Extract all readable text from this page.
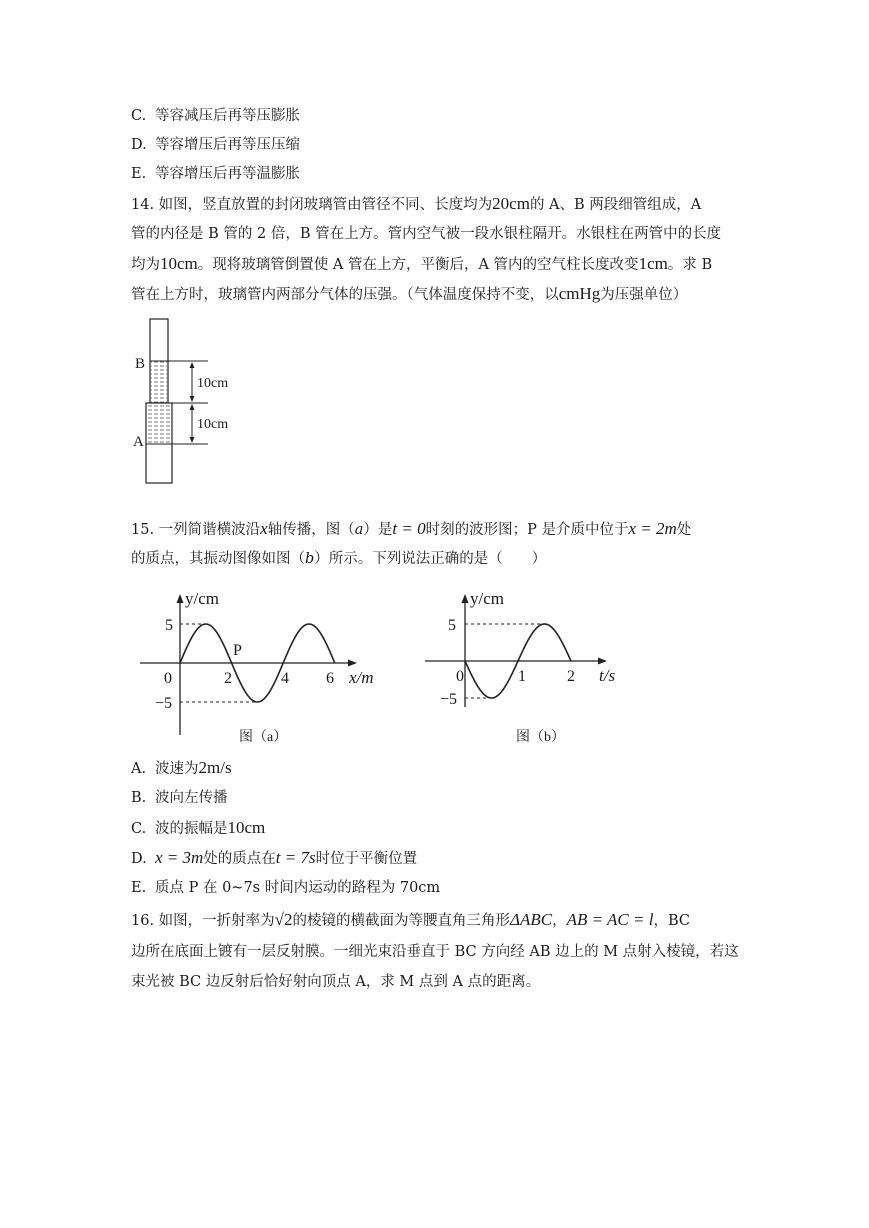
C. 等容减压后再等压膨胀
D. 等容增压后再等压压缩
E. 等容增压后再等温膨胀
14. 如图，竖直放置的封闭玻璃管由管径不同、长度均为20cm的 A、B 两段细管组成，A
管的内径是 B 管的 2 倍，B 管在上方。管内空气被一段水银柱隔开。水银柱在两管中的长度
均为10cm。现将玻璃管倒置使 A 管在上方，平衡后，A 管内的空气柱长度改变1cm。求 B
管在上方时，玻璃管内两部分气体的压强。（气体温度保持不变，以cmHg为压强单位）
B
A
10cm
10cm
15. 一列简谐横波沿x轴传播，图（a）是t = 0时刻的波形图；P 是介质中位于x = 2m处
的质点，其振动图像如图（b）所示。下列说法正确的是（　　）
y/cm
x/m
5
−5
0	2	4 6
P
图（a）
y/cm
t/s
5
−5
0	1	2
图（b）
A. 波速为2m/s
B. 波向左传播
C. 波的振幅是10cm
D. x = 3m处的质点在t = 7s时位于平衡位置
E. 质点 P 在 0~7s 时间内运动的路程为 70cm
16. 如图，一折射率为√2的棱镜的横截面为等腰直角三角形ΔABC，AB = AC = l，BC
边所在底面上镀有一层反射膜。一细光束沿垂直于 BC 方向经 AB 边上的 M 点射入棱镜，若这
束光被 BC 边反射后恰好射向顶点 A，求 M 点到 A 点的距离。
